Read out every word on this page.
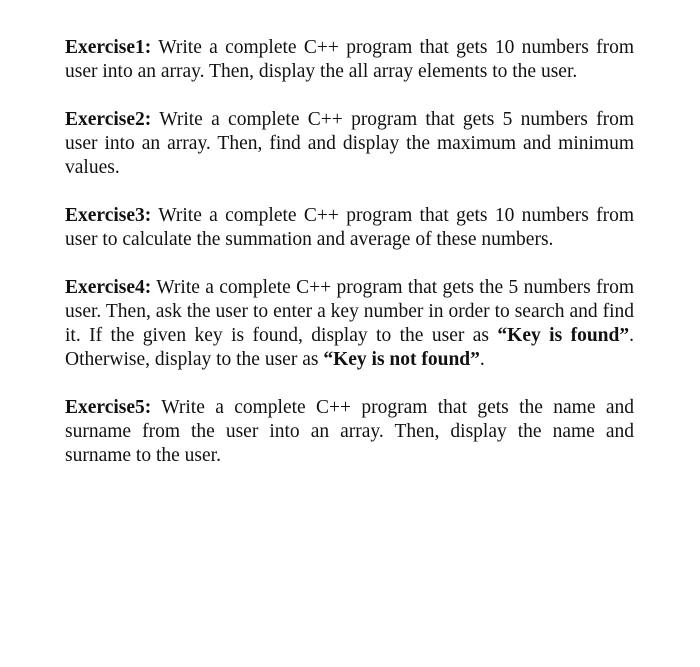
Exercise1: Write a complete C++ program that gets 10 numbers from user into an array. Then, display the all array elements to the user.

Exercise2: Write a complete C++ program that gets 5 numbers from user into an array. Then, find and display the maximum and minimum values.

Exercise3: Write a complete C++ program that gets 10 numbers from user to calculate the summation and average of these numbers.

Exercise4: Write a complete C++ program that gets the 5 numbers from user. Then, ask the user to enter a key number in order to search and find it. If the given key is found, display to the user as “Key is found”. Otherwise, display to the user as “Key is not found”.

Exercise5: Write a complete C++ program that gets the name and surname from the user into an array. Then, display the name and surname to the user.
